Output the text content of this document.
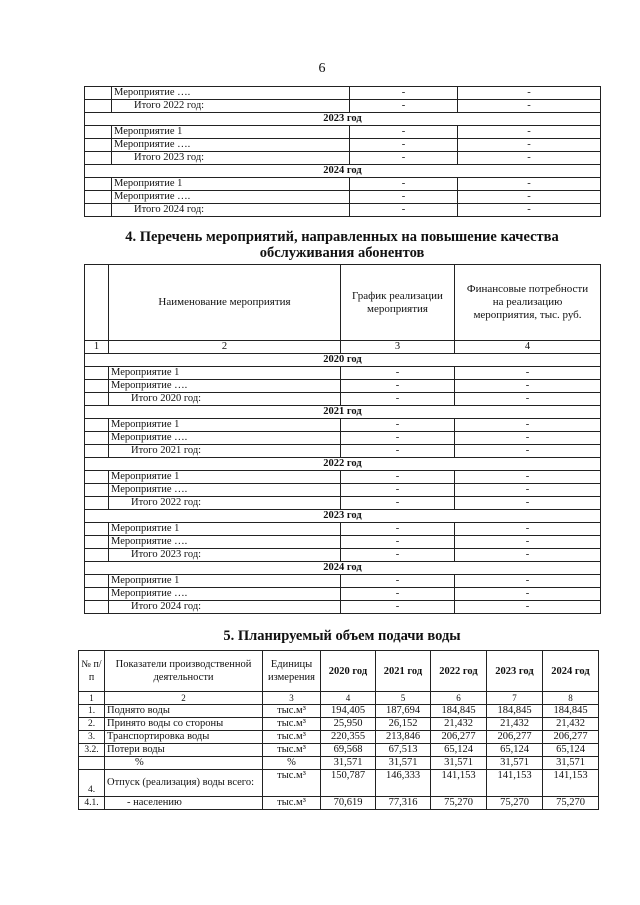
6
	Мероприятие ….	-	-
	Итого 2022 год:	-	-
2023 год			
	Мероприятие 1	-	-
	Мероприятие ….	-	-
	Итого 2023 год:	-	-
2024 год			
	Мероприятие 1	-	-
	Мероприятие ….	-	-
	Итого 2024 год:	-	-
4. Перечень мероприятий, направленных на повышение качества
обслуживания абонентов
	Наименование мероприятия	График реализации мероприятия	Финансовые потребности на реализацию мероприятия, тыс. руб.
1	2	3	4
2020 год			
	Мероприятие 1	-	-
	Мероприятие ….	-	-
	Итого 2020 год:	-	-
2021 год			
	Мероприятие 1	-	-
	Мероприятие ….	-	-
	Итого 2021 год:	-	-
2022 год			
	Мероприятие 1	-	-
	Мероприятие ….	-	-
	Итого 2022 год:	-	-
2023 год			
	Мероприятие 1	-	-
	Мероприятие ….	-	-
	Итого 2023 год:	-	-
2024 год			
	Мероприятие 1	-	-
	Мероприятие ….	-	-
	Итого 2024 год:	-	-
5. Планируемый объем подачи воды
№ п/п	Показатели производственной деятельности	Единицы измерения	2020 год	2021 год	2022 год	2023 год	2024 год
1	2	3	4	5	6	7	8
1.	Поднято воды	тыс.м³	194,405	187,694	184,845	184,845	184,845
2.	Принято воды со стороны	тыс.м³	25,950	26,152	21,432	21,432	21,432
3.	Транспортировка воды	тыс.м³	220,355	213,846	206,277	206,277	206,277
3.2.	Потери воды	тыс.м³	69,568	67,513	65,124	65,124	65,124
	%	%	31,571	31,571	31,571	31,571	31,571
4.	Отпуск (реализация) воды всего:	тыс.м³	150,787	146,333	141,153	141,153	141,153
4.1.	- населению	тыс.м³	70,619	77,316	75,270	75,270	75,270
